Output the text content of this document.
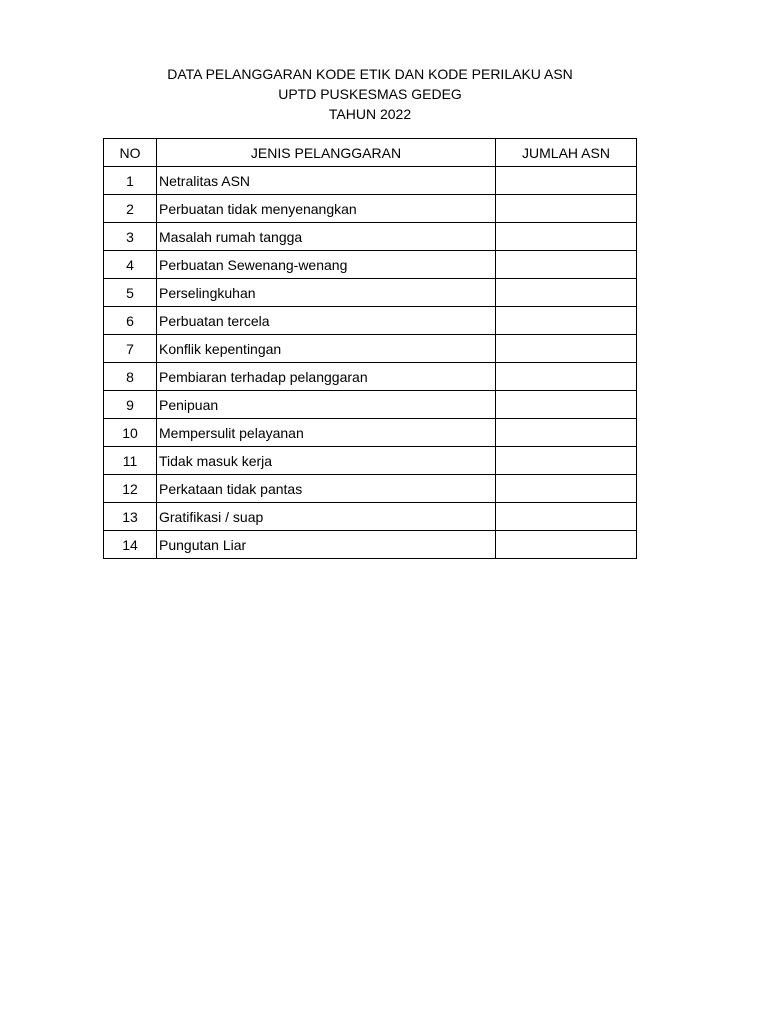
DATA PELANGGARAN KODE ETIK DAN KODE PERILAKU ASN
UPTD PUSKESMAS GEDEG
TAHUN 2022
NO	JENIS PELANGGARAN	JUMLAH ASN
1	Netralitas ASN	
2	Perbuatan tidak menyenangkan	
3	Masalah rumah tangga	
4	Perbuatan Sewenang-wenang	
5	Perselingkuhan	
6	Perbuatan tercela	
7	Konflik kepentingan	
8	Pembiaran terhadap pelanggaran	
9	Penipuan	
10	Mempersulit pelayanan	
11	Tidak masuk kerja	
12	Perkataan tidak pantas	
13	Gratifikasi / suap	
14	Pungutan Liar	
